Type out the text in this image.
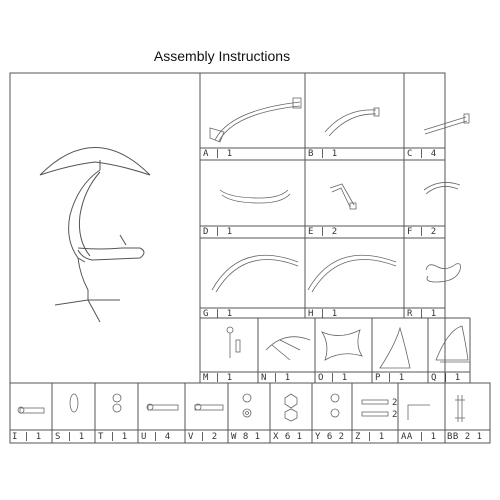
Assembly Instructions
A | 1	B | 1	C | 4
D | 1	E | 2	F | 2
G | 1	H | 1	R | 1
M | 1	N | 1	O | 1	P | 1	Q | 1
I | 1 S | 1 T | 1 U | 4 V | 2 W 8 1 X 6 1 Y 6 2 Z | 1 AA | 1 BB 2 1
2
2
